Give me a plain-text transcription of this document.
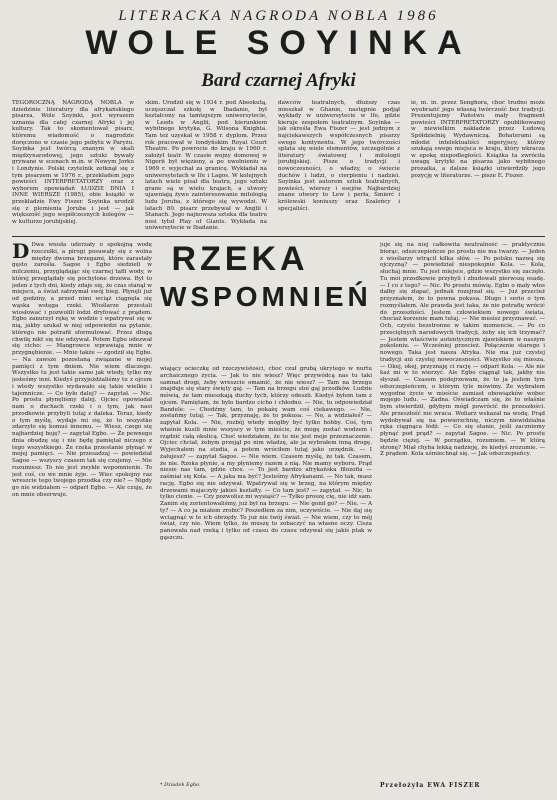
LITERACKA NAGRODA NOBLA 1986
WOLE SOYINKA
Bard czarnej Afryki
TEGOROCZNĄ NAGRODĄ NOBLA w dziedzinie literatury dla afrykańskiego pisarza, Wole Soyinki, jest wyrazem uznania dla całej czarnej Afryki i jej kultury. Tak to skomentował pisarz, któremu wiadomość o nagrodzie doręczono w czasie jego pobytu w Paryżu. Soyinka jest twórcą znanym w skali międzynarodowej, jego sztuki bywały grywane w scenach m.in. w Nowym Jorku i Londynie. Polski czytelnik zetknął się z tym pisarzem w 1976 r., przekładem jego powieści INTERPRETATORZY oraz z wyborem opowiadań ŁUDZIE DNIA I INNE WIERSZE (1985), obie książki w przekładzie Ewy Fiszer. Soyinka urodził się z plemienia Joruba i jest — jak większość jego współczesnych kolegów — w kulturze jorubijskiej.
skim. Urodził się w 1934 r. pod Abeokutą, uczęszczał szkołę w Ibadanie, był kształcony na tamtejszym uniwersytecie, w Leeds w Anglii, pod kierunkiem wybitnego krytyka, G. Wilsona Knighta. Tam też uzyskał w 1958 r. dyplom. Przez rok pracował w londyńskim Royal Court Theatre. Po powrocie do kraju w 1960 r. założył teatr. W czasie wojny domowej w Nigerii był więziony, a po uwolnieniu w 1969 r. wyjechał za granicę. Wykładał na uniwersytetach w Ife i Lagos. W kolejnych latach wiele pisał dla teatru, jego sztuki grane są w wielu krajach, a utwory ujawniają żywe zainteresowanie mitologią ludu Joruba, z którego się wywodzi. W latach 80. pisarz przebywał w Anglii i Stanach. Jego najnowsza sztuka dla teatru nosi tytuł Play of Giants. Wykłada na uniwersytecie w Ibadanie.
dawców teatralnych, dłuższy czas mieszkał w Ghanie, następnie podjął wykłady w uniwersytecie w Ife, gdzie kieruje zespołem teatralnym. Soyinka — jak określa Ewa Fiszer — jest jednym z najciekawszych współczesnych pisarzy swego kontynentu. W jego twórczości splata się wiele elementów, szczególnie z literatury światowej i mitologii jorubijskiej. Pisze o tradycji i nowoczesności, o władzy, o świecie duchów i ludzi, o cierpieniu i nadziei. Soyinka jest autorem sztuk teatralnych, powieści, wierszy i esejów. Najbardziej znane utwory to Lew i perła, Śmierć i królewski koniuszy oraz Szaleńcy i specjaliści.
ie, m. in. przez Senghora, choć trudno może wyobrazić jego własną twórczość bez tradycji. Prezentujemy Państwu mały fragment powieści INTERPRETATORZY opublikowanej w niewielkim nakładzie przez Ludową Spółdzielnię Wydawniczą. Bohaterami są młodzi intelektualiści nigeryjscy, którzy szukają swego miejsca w kraju, który wkracza w epokę niepodległości. Książka ta zwróciła uwagę krytyki na pisarza jako wybitnego prozaika, a dalsze książki utwierdziły jego pozycję w literaturze. — pisze E. Fiszer.
D Dwa wiosła uderzały o spokojną wodę rzeczułki, a pirogi posuwały się z wolna między dwoma brzegami, które zarastały gęsto zarośla. Sagoe i Egbo siedzieli w milczeniu, przyglądając się czarnej tafli wody, w której przeglądały się pochylone drzewa. Był to jeden z tych dni, kiedy zdaje się, że czas stanął w miejscu, a świat zatrzymał swój bieg. Płynęli już od godziny, a przed nimi wciąż ciągnęła się wąska wstęga rzeki. Wioślarze przestali wiosłować i pozwolili łodzi dryfować z prądem. Egbo zanurzył rękę w wodzie i wpatrywał się w nią, jakby szukał w niej odpowiedzi na pytanie, którego nie potrafił sformułować. Przez długą chwilę nikt się nie odzywał. Potem Egbo odezwał się cicho: — Mangrowce wprawiają mnie w przygnębienie. — Mnie także — zgodził się Egbo. — Na zawsze pozostaną związane w mojej pamięci z tym dniem. Nie wiem dlaczego. Wszystko tu jest takie samo jak wtedy, tylko my jesteśmy inni. Kiedyś przyjeżdżaliśmy tu z ojcem i wtedy wszystko wydawało się takie wielkie i tajemnicze. — Co było dalej? — zapytał. — Nic. Po prostu płynęliśmy dalej. Ojciec opowiadał nam o duchach rzeki i o tym, jak nasi przodkowie przybyli tutaj z daleka. Teraz, kiedy o tym myślę, wydaje mi się, że to wszystko zdarzyło się komuś innemu. — Wiesz, czego się najbardziej boję? — zapytał Egbo. — Że pewnego dnia obudzę się i nie będę pamiętał niczego z tego wszystkiego. Że rzeka przestanie płynąć w mojej pamięci. — Nie przesadzaj — powiedział Sagoe — wszyscy czasem tak się czujemy. — Nie rozumiesz. To nie jest zwykłe wspomnienie. To jest coś, co we mnie żyje. — Wiec spokojny raz wreszcie tego twojego przodka czy nie? — Nigdy go nie widziałem — odparł Egbo. — Ale czuję, że on mnie obserwuje.
RZEKA
WSPOMNIEŃ
wiający ucieczkę od rzeczywistości, choć czuł grubą ukrytego w nurtu archaicznego życia. — Jak to nie wiesz? Więc przywódcą nas tu taki samnat drogi, żeby wreszcie omamić, że nie wiesz? — Tam na brzegu znajduje się stary święty gaj. — Tam na brzegu stoi gaj przodków. Ludzie mówią, że tam mieszkają duchy tych, którzy odeszli. Kiedyś byłem tam z ojcem. Pamiętam, że było bardzo cicho i chłodno. — Nie, tu odpowiedział Bandele: — Chodźmy tam, to pokażę wam coś ciekawego. — Nie, zostańmy tutaj. — Tak, przyznaję, że to pokusa. — No, a widziałeś? — zapytał Kola. — Nie, rozbój wtedy mógłby być tylko hobby. Coś, tym właśnie kusili mnie wszyscy w tym mieście, że mogę zostać wodzem i rządzić całą okolicą. Choć wiedziałem, że to nie jest moje przeznaczenie. Ojciec chciał, żebym przejął po nim władzę, ale ja wybrałem inną drogę. Wyjechałem na studia, a potem wróciłem tutaj jako urzędnik. — I żałujesz? — zapytał Sagoe. — Nie wiem. Czasem myślę, że tak. Czasem, że nie. Rzeka płynie, a my płyniemy razem z nią. Nie mamy wyboru. Prąd niesie nas tam, gdzie chce. — To jest bardzo afrykańska filozofia — zaśmiał się Kola. — A jaka ma być? Jesteśmy Afrykanami. — No tak, masz rację. Egbo się nie odzywał. Wpatrywał się w brzeg, na którym między drzewami majaczyły jakieś kształty. — Co tam jest? — zapytał. — Nic, to tylko cienie. — Czy pozwolisz mi wysiąść? — Tylko proszę cię, nie idź sam. Zanim się zorientowaliśmy, już był na brzegu. — Nie gonił go? — Nie. — A ty? — A co ja miałem zrobić? Poszedłem za nim, oczywiście. — Nie daj się wciągnąć w te ich obrzędy. To już nie twój świat. — Nie wiem, czy to mój świat, czy nie. Wiem tylko, że muszę to zobaczyć na własne oczy. Cisza panowała nad rzeką i tylko od czasu do czasu odzywał się jakiś ptak w gąszczu.
juje się na niej całkowita neutralność — praktycznie biorąc, odszczepieńcze po prostu nie ma twarzy. — Jeden z wioślarzy wtrącił kilka słów. — Po polsku nazwą się ojczyzną? — powiedział niespokojnie Kola. — Kola, słuchaj mnie. Tu jest miejsce, gdzie wszystko się zaczęło. Tu moi przodkowie przybyli i zbudowali pierwszą osadę. — I co z tego? — Nic. Po prostu mówię. Egbo o mały włos dałby się złapać, jednak rozejrzał się. — Już przecież przyznałem, że to pewna pokusa. Długo i serio o tym rozmyślałem. Ale prawda jest taka, że nie potrafię wrócić do przeszłości. Jestem człowiekiem nowego świata, chociaż korzenie mam tutaj. — Nie musisz przyznawać. — Och, czysto bezstronne w takim momencie. — Po co przeciętnych narodowych tradycji, żeby się ich trzymać? — Jestem właściwie autentycznym zjawiskiem w naszym pokoleniu. — Wcześniej przecież. Połączenie starego i nowego. Taka jest nasza Afryka. Nie ma już czystej tradycji ani czystej nowoczesności. Wszystko się miesza. — Okej, okej, przyznaję ci rację — odparł Kola. — Ale nie każ mi w to wierzyć. Ale Egbo ciągnął tak, jakby nie słyszał. — Czasem podejrzewam, że to ja jestem tym odszczepieńcem, o którym tyle mówimy. Że wybrałem wygodne życie w mieście zamiast obowiązków wobec mojego ludu. — Zadna. Oświadczam się, że to właśnie bym stwierdził, gdybym mógł powrócić do przeszłości. Ale przeszłość nie wraca. Woliarz wskazał na wodę. Prąd wydobywał się na powierzchnię, niczym niewidzialna ręka ciągnąca łódź. — Co się stanie, jeśli zaczniemy płynąć pod prąd? — zapytał Sagoe. — Nic. Po prostu będzie ciężej. — W porządku, rozumiem. — W którą stronę? Miał chyba lekką nadzieję, że kiedyś zrozumie. — Z prądem. Kola uśmiechnął się. — Jak odszczepieńcy.
* Dziadek Egbo.	Przełożyła EWA FISZER
